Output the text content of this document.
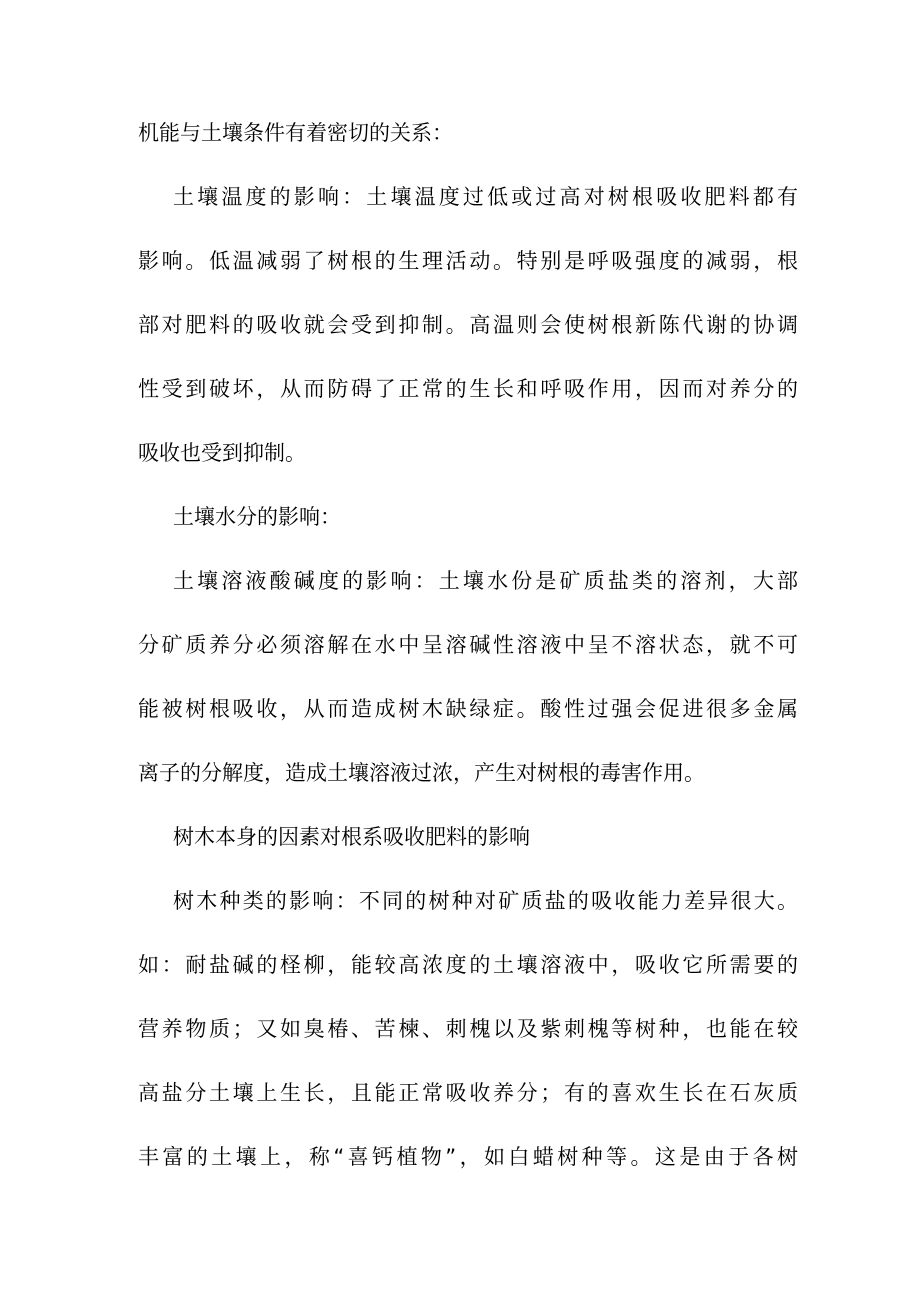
机能与土壤条件有着密切的关系：
土壤温度的影响：土壤温度过低或过高对树根吸收肥料都有
影响。低温减弱了树根的生理活动。特别是呼吸强度的减弱，根
部对肥料的吸收就会受到抑制。高温则会使树根新陈代谢的协调
性受到破坏，从而防碍了正常的生长和呼吸作用，因而对养分的
吸收也受到抑制。
土壤水分的影响：
土壤溶液酸碱度的影响：土壤水份是矿质盐类的溶剂，大部
分矿质养分必须溶解在水中呈溶碱性溶液中呈不溶状态，就不可
能被树根吸收，从而造成树木缺绿症。酸性过强会促进很多金属
离子的分解度，造成土壤溶液过浓，产生对树根的毒害作用。
树木本身的因素对根系吸收肥料的影响
树木种类的影响：不同的树种对矿质盐的吸收能力差异很大。
如：耐盐碱的柽柳，能较高浓度的土壤溶液中，吸收它所需要的
营养物质；又如臭椿、苦楝、刺槐以及紫刺槐等树种，也能在较
高盐分土壤上生长，且能正常吸收养分；有的喜欢生长在石灰质
丰富的土壤上，称“喜钙植物”，如白蜡树种等。这是由于各树
